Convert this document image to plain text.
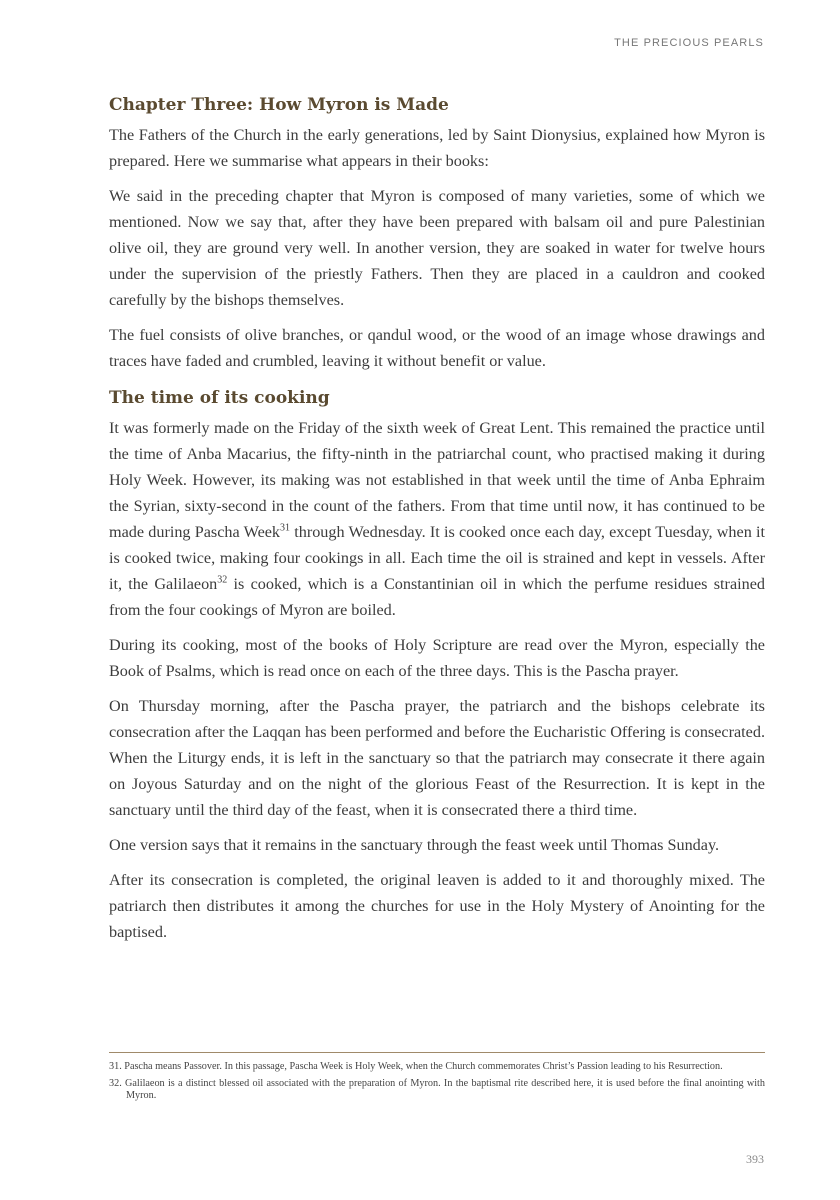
THE PRECIOUS PEARLS
Chapter Three: How Myron is Made

The Fathers of the Church in the early generations, led by Saint Dionysius, explained how Myron is prepared. Here we summarise what appears in their books:

We said in the preceding chapter that Myron is composed of many varieties, some of which we mentioned. Now we say that, after they have been prepared with balsam oil and pure Palestinian olive oil, they are ground very well. In another version, they are soaked in water for twelve hours under the supervision of the priestly Fathers. Then they are placed in a cauldron and cooked carefully by the bishops themselves.

The fuel consists of olive branches, or qandul wood, or the wood of an image whose drawings and traces have faded and crumbled, leaving it without benefit or value.

The time of its cooking

It was formerly made on the Friday of the sixth week of Great Lent. This remained the practice until the time of Anba Macarius, the fifty-ninth in the patriarchal count, who practised making it during Holy Week. However, its making was not established in that week until the time of Anba Ephraim the Syrian, sixty-second in the count of the fathers. From that time until now, it has continued to be made during Pascha Week$^{31}$ through Wednesday. It is cooked once each day, except Tuesday, when it is cooked twice, making four cookings in all. Each time the oil is strained and kept in vessels. After it, the Galilaeon$^{32}$ is cooked, which is a Constantinian oil in which the perfume residues strained from the four cookings of Myron are boiled.

During its cooking, most of the books of Holy Scripture are read over the Myron, especially the Book of Psalms, which is read once on each of the three days. This is the Pascha prayer.

On Thursday morning, after the Pascha prayer, the patriarch and the bishops celebrate its consecration after the Laqqan has been performed and before the Eucharistic Offering is consecrated. When the Liturgy ends, it is left in the sanctuary so that the patriarch may consecrate it there again on Joyous Saturday and on the night of the glorious Feast of the Resurrection. It is kept in the sanctuary until the third day of the feast, when it is consecrated there a third time.

One version says that it remains in the sanctuary through the feast week until Thomas Sunday.

After its consecration is completed, the original leaven is added to it and thoroughly mixed. The patriarch then distributes it among the churches for use in the Holy Mystery of Anointing for the baptised.

31. Pascha means Passover. In this passage, Pascha Week is Holy Week, when the Church commemorates Christ’s Passion leading to his Resurrection.

32. Galilaeon is a distinct blessed oil associated with the preparation of Myron. In the baptismal rite described here, it is used before the final anointing with Myron.

393
